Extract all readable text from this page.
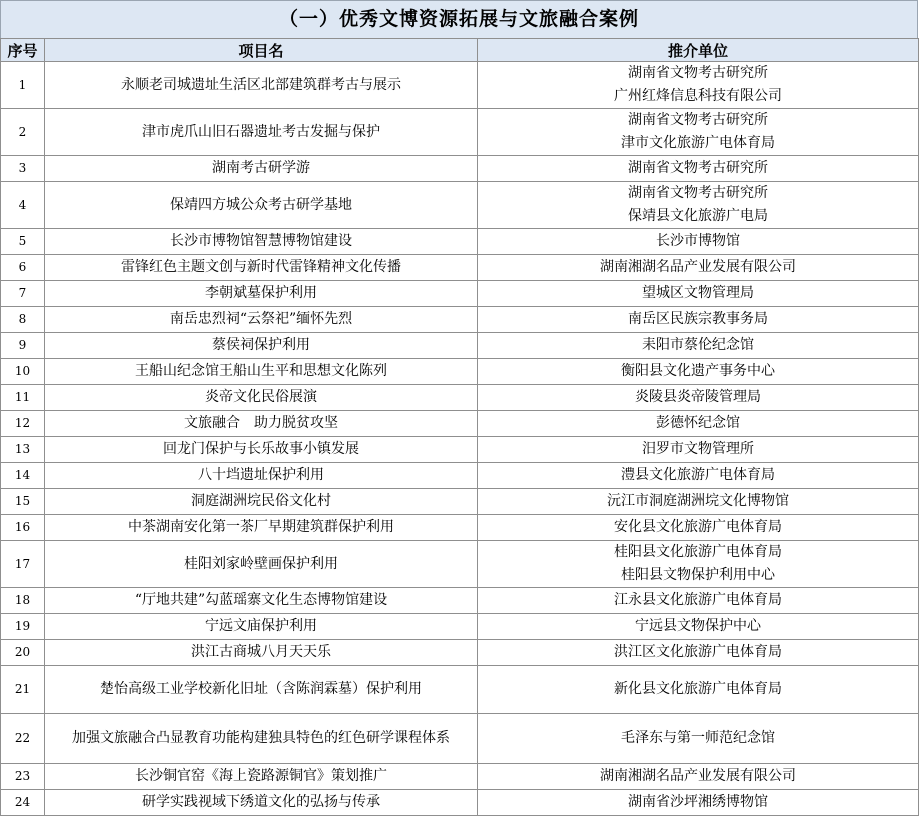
（一）优秀文博资源拓展与文旅融合案例
序号	项目名	推介单位
1	永顺老司城遗址生活区北部建筑群考古与展示	湖南省文物考古研究所
广州红烽信息科技有限公司

2	津市虎爪山旧石器遗址考古发掘与保护	湖南省文物考古研究所
津市文化旅游广电体育局

3	湖南考古研学游	湖南省文物考古研究所

4	保靖四方城公众考古研学基地	湖南省文物考古研究所
保靖县文化旅游广电局

5	长沙市博物馆智慧博物馆建设	长沙市博物馆

6	雷锋红色主题文创与新时代雷锋精神文化传播	湖南湘湖名品产业发展有限公司

7	李朝斌墓保护利用	望城区文物管理局

8	南岳忠烈祠“云祭祀”缅怀先烈	南岳区民族宗教事务局

9	蔡侯祠保护利用	耒阳市蔡伦纪念馆

10	王船山纪念馆王船山生平和思想文化陈列	衡阳县文化遗产事务中心

11	炎帝文化民俗展演	炎陵县炎帝陵管理局

12	文旅融合　助力脱贫攻坚	彭德怀纪念馆

13	回龙门保护与长乐故事小镇发展	汨罗市文物管理所

14	八十垱遗址保护利用	澧县文化旅游广电体育局

15	洞庭湖洲垸民俗文化村	沅江市洞庭湖洲垸文化博物馆

16	中茶湖南安化第一茶厂早期建筑群保护利用	安化县文化旅游广电体育局

17	桂阳刘家岭壁画保护利用	桂阳县文化旅游广电体育局
桂阳县文物保护利用中心

18	“厅地共建”勾蓝瑶寨文化生态博物馆建设	江永县文化旅游广电体育局

19	宁远文庙保护利用	宁远县文物保护中心

20	洪江古商城八月天天乐	洪江区文化旅游广电体育局

21	楚怡高级工业学校新化旧址（含陈润霖墓）保护利用	新化县文化旅游广电体育局

22	加强文旅融合凸显教育功能构建独具特色的红色研学课程体系	毛泽东与第一师范纪念馆

23	长沙铜官窑《海上瓷路源铜官》策划推广	湖南湘湖名品产业发展有限公司

24	研学实践视域下绣道文化的弘扬与传承	湖南省沙坪湘绣博物馆
